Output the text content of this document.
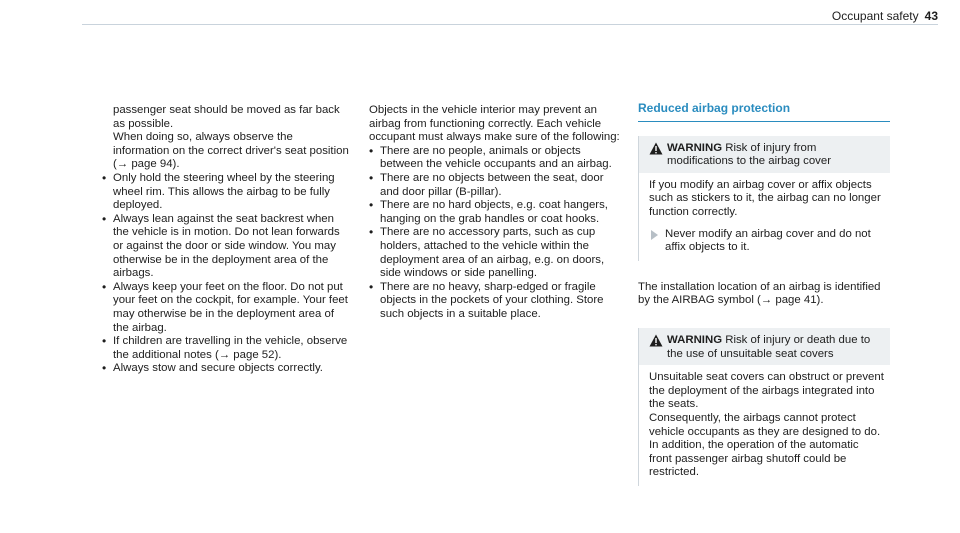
Occupant safety 43

passenger seat should be moved as far back as possible.

When doing so, always observe the information on the correct driver's seat position (→ page 94).

• Only hold the steering wheel by the steering wheel rim. This allows the airbag to be fully deployed.
• Always lean against the seat backrest when the vehicle is in motion. Do not lean forwards or against the door or side window. You may otherwise be in the deployment area of the airbags.
• Always keep your feet on the floor. Do not put your feet on the cockpit, for example. Your feet may otherwise be in the deployment area of the airbag.
• If children are travelling in the vehicle, observe the additional notes (→ page 52).
• Always stow and secure objects correctly.

Objects in the vehicle interior may prevent an airbag from functioning correctly. Each vehicle occupant must always make sure of the following:

• There are no people, animals or objects between the vehicle occupants and an airbag.
• There are no objects between the seat, door and door pillar (B-pillar).
• There are no hard objects, e.g. coat hangers, hanging on the grab handles or coat hooks.
• There are no accessory parts, such as cup holders, attached to the vehicle within the deployment area of an airbag, e.g. on doors, side windows or side panelling.
• There are no heavy, sharp-edged or fragile objects in the pockets of your clothing. Store such objects in a suitable place.
Reduced airbag protection
WARNING Risk of injury from modifications to the airbag cover

If you modify an airbag cover or affix objects such as stickers to it, the airbag can no longer function correctly.

Never modify an airbag cover and do not affix objects to it.

The installation location of an airbag is identified by the AIRBAG symbol (→ page 41).

WARNING Risk of injury or death due to the use of unsuitable seat covers

Unsuitable seat covers can obstruct or prevent the deployment of the airbags integrated into the seats.

Consequently, the airbags cannot protect vehicle occupants as they are designed to do. In addition, the operation of the automatic front passenger airbag shutoff could be restricted.
